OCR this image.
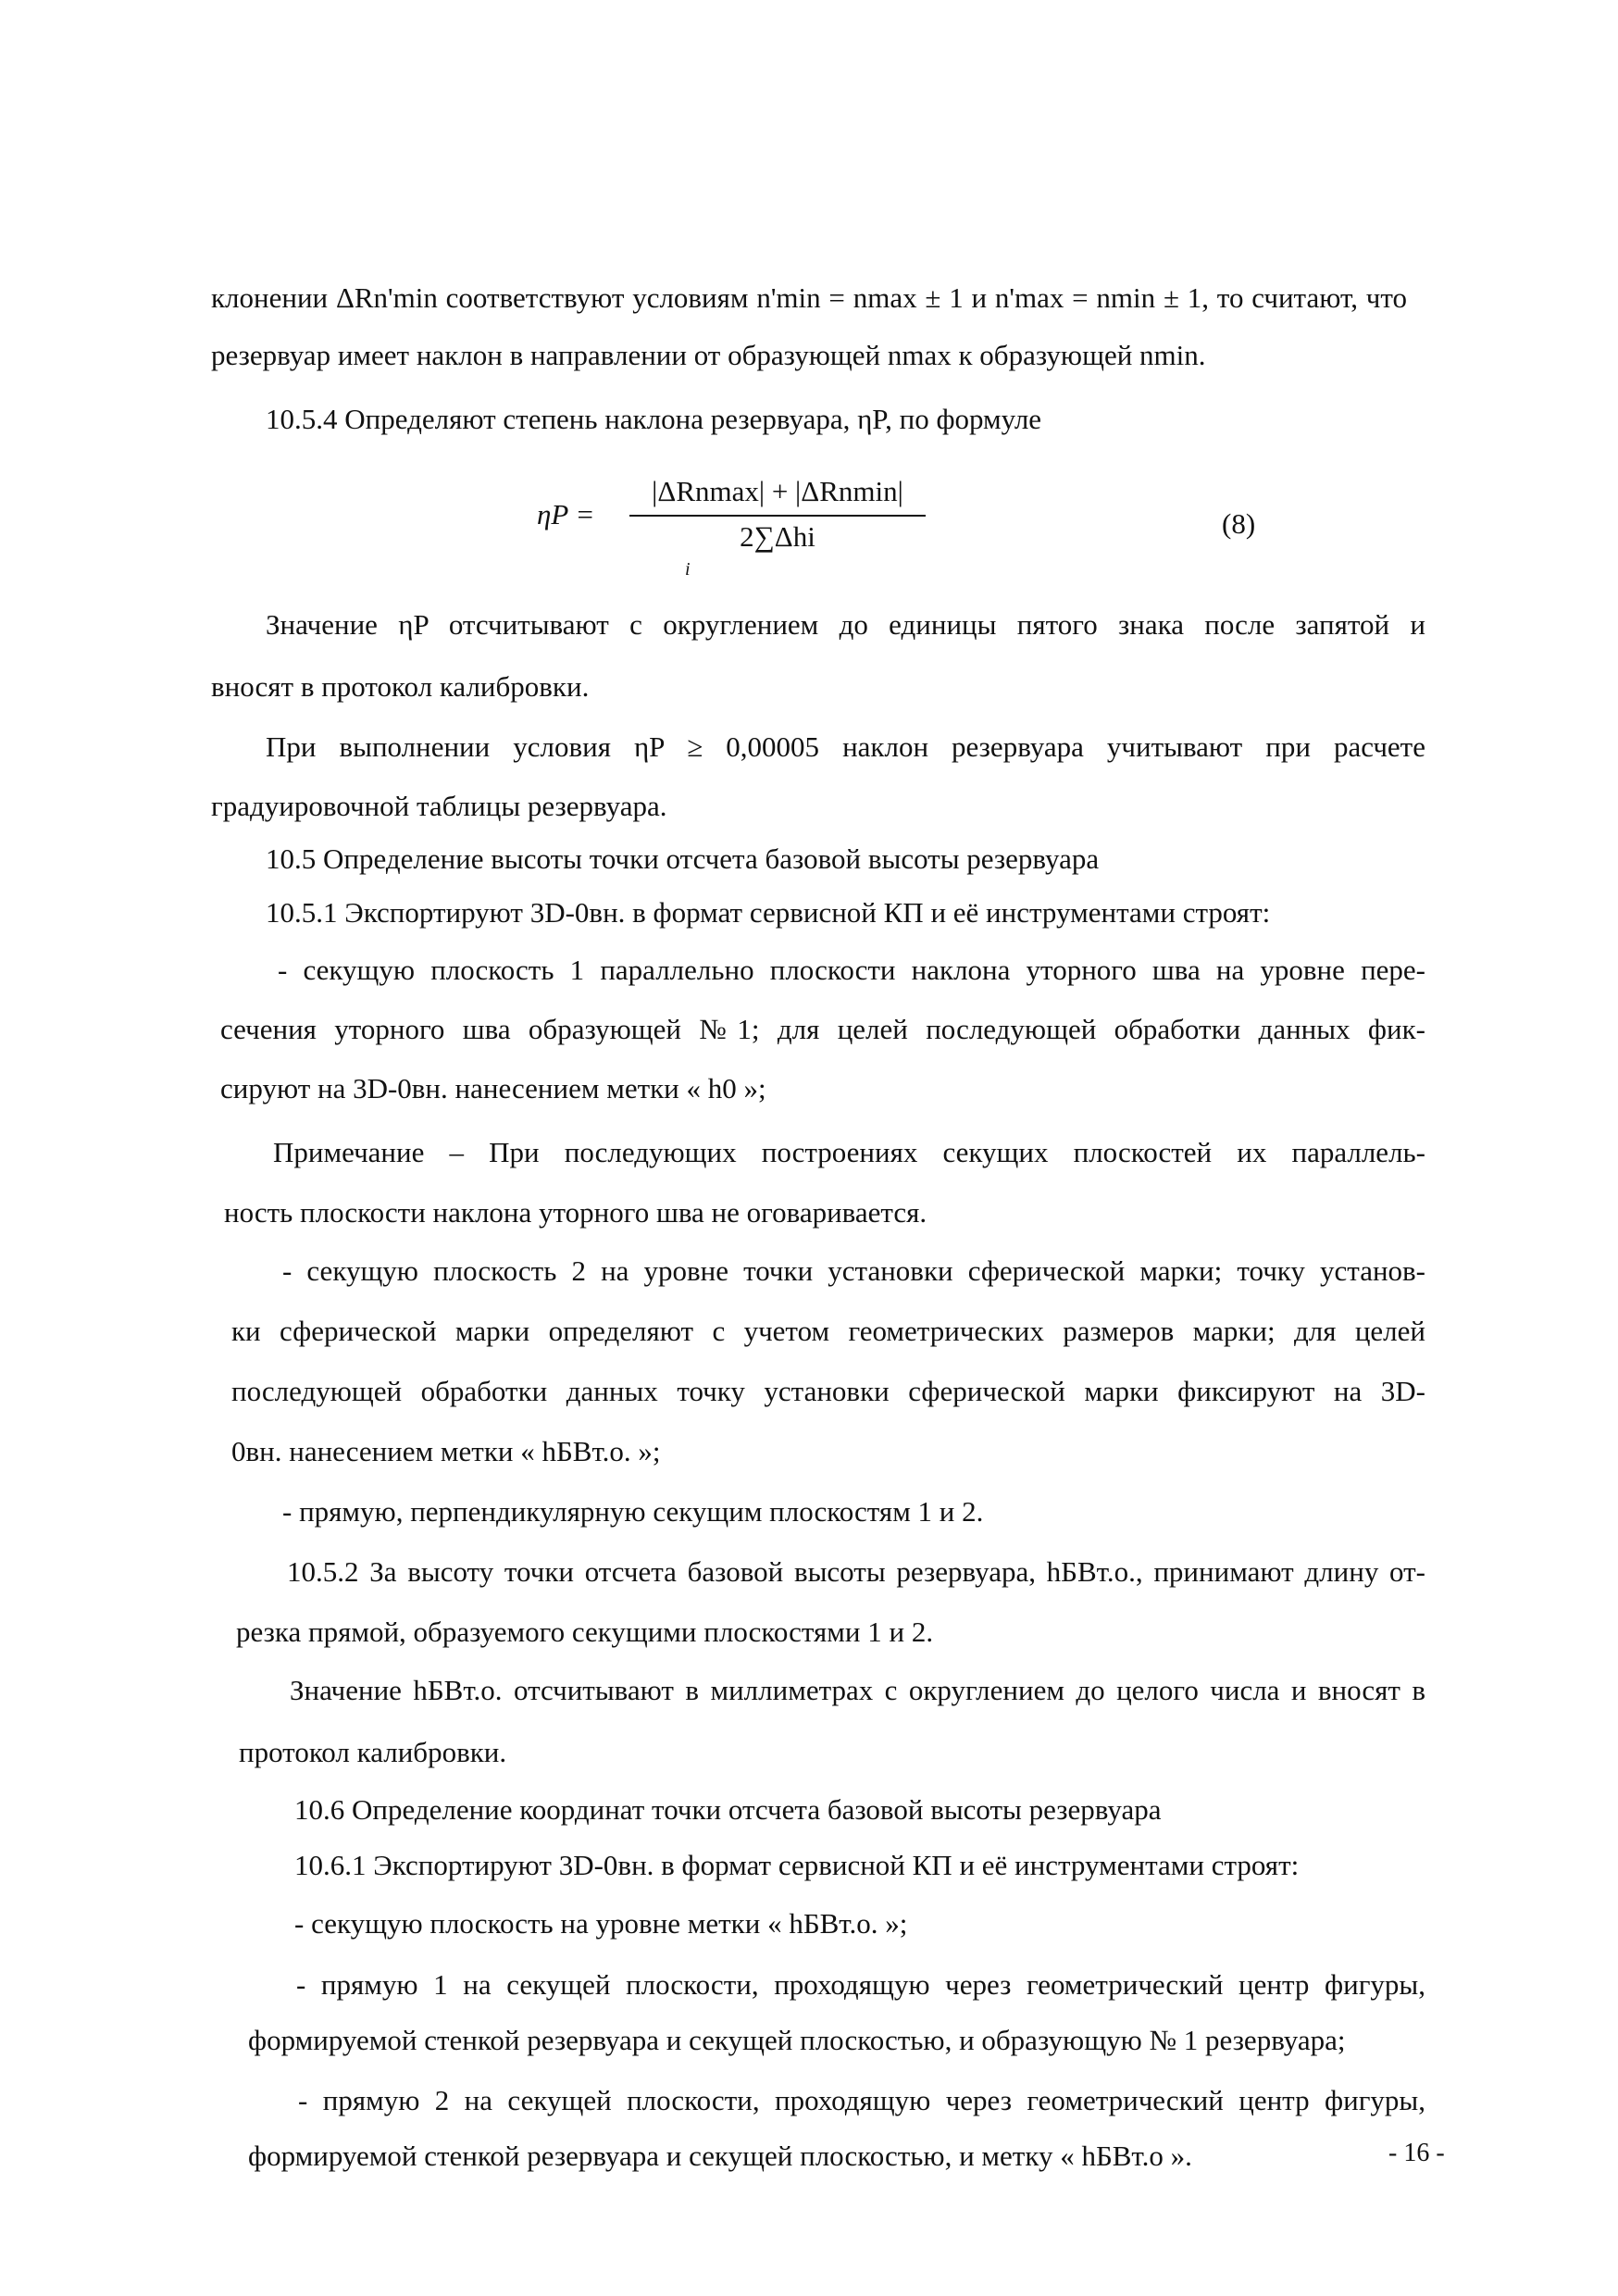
клонении ΔRn'min соответствуют условиям n'min = nmax ± 1 и n'max = nmin ± 1, то считают, что
резервуар имеет наклон в направлении от образующей nmax к образующей nmin.
10.5.4 Определяют степень наклона резервуара, ηP, по формуле
ηP =
|ΔRnmax| + |ΔRnmin|
2∑Δhi
i
(8)
Значение ηP отсчитывают с округлением до единицы пятого знака после запятой и
вносят в протокол калибровки.
При выполнении условия ηP ≥ 0,00005 наклон резервуара учитывают при расчете
градуировочной таблицы резервуара.
10.5 Определение высоты точки отсчета базовой высоты резервуара
10.5.1 Экспортируют 3D-0вн. в формат сервисной КП и её инструментами строят:
- секущую плоскость 1 параллельно плоскости наклона уторного шва на уровне пере-
сечения уторного шва образующей №1; для целей последующей обработки данных фик-
сируют на 3D-0вн. нанесением метки « h0 »;
Примечание – При последующих построениях секущих плоскостей их параллель-
ность плоскости наклона уторного шва не оговаривается.
- секущую плоскость 2 на уровне точки установки сферической марки; точку установ-
ки сферической марки определяют с учетом геометрических размеров марки; для целей
последующей обработки данных точку установки сферической марки фиксируют на 3D-
0вн. нанесением метки « hБВт.о. »;
- прямую, перпендикулярную секущим плоскостям 1 и 2.
10.5.2 За высоту точки отсчета базовой высоты резервуара, hБВт.о., принимают длину от-
резка прямой, образуемого секущими плоскостями 1 и 2.
Значение hБВт.о. отсчитывают в миллиметрах с округлением до целого числа и вносят в
протокол калибровки.
10.6 Определение координат точки отсчета базовой высоты резервуара
10.6.1 Экспортируют 3D-0вн. в формат сервисной КП и её инструментами строят:
- секущую плоскость на уровне метки « hБВт.о. »;
- прямую 1 на секущей плоскости, проходящую через геометрический центр фигуры,
формируемой стенкой резервуара и секущей плоскостью, и образующую № 1 резервуара;
- прямую 2 на секущей плоскости, проходящую через геометрический центр фигуры,
формируемой стенкой резервуара и секущей плоскостью, и метку « hБВт.о ».	- 16 -
